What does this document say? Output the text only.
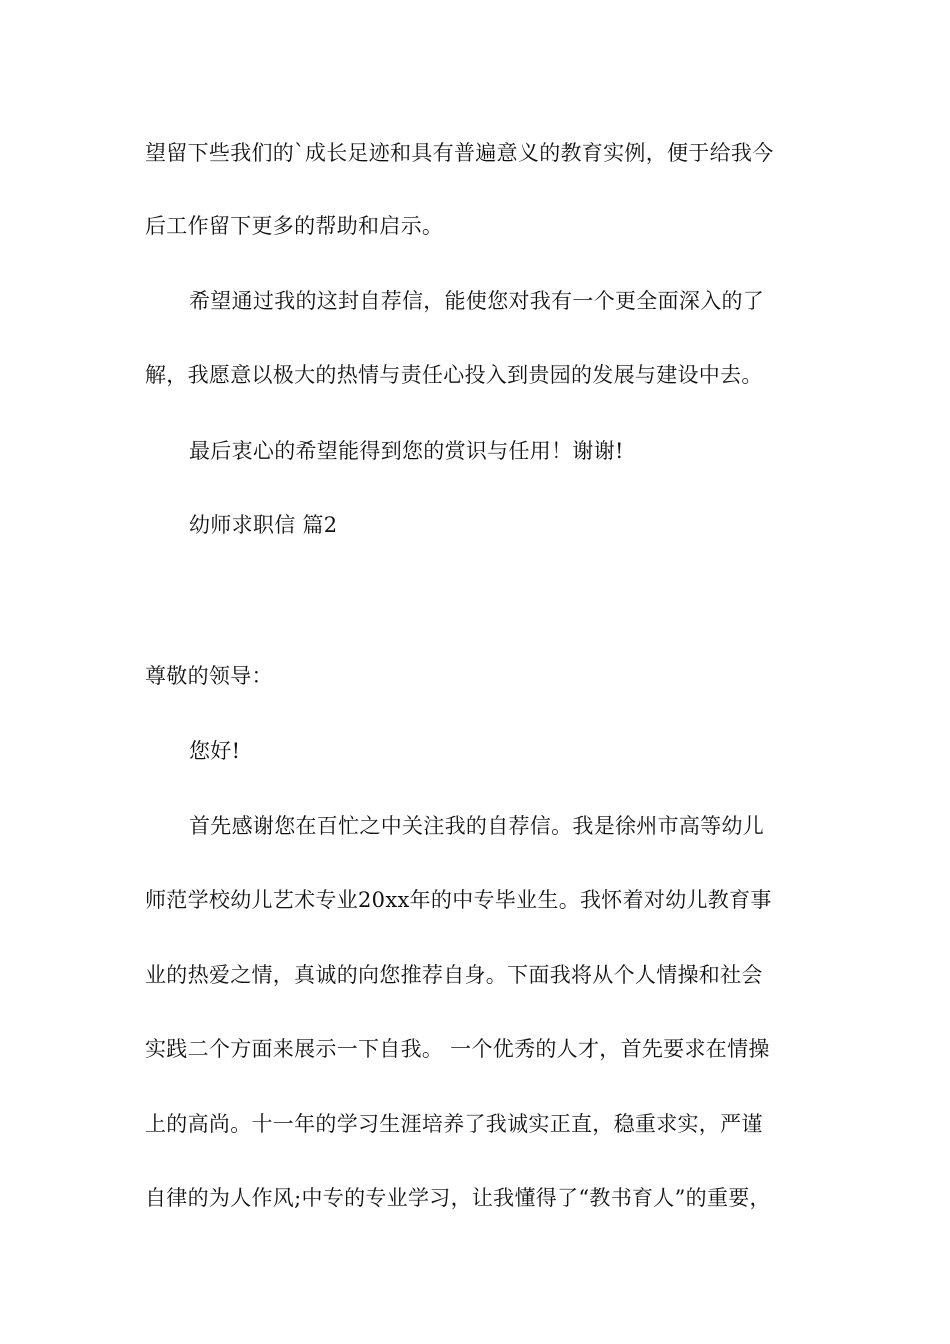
望留下些我们的`成长足迹和具有普遍意义的教育实例，便于给我今
后工作留下更多的帮助和启示。
希望通过我的这封自荐信，能使您对我有一个更全面深入的了
解，我愿意以极大的热情与责任心投入到贵园的发展与建设中去。
最后衷心的希望能得到您的赏识与任用！谢谢!
幼师求职信 篇2
尊敬的领导：
您好!
首先感谢您在百忙之中关注我的自荐信。我是徐州市高等幼儿
师范学校幼儿艺术专业20xx年的中专毕业生。我怀着对幼儿教育事
业的热爱之情，真诚的向您推荐自身。下面我将从个人情操和社会
实践二个方面来展示一下自我。 一个优秀的人才，首先要求在情操
上的高尚。十一年的学习生涯培养了我诚实正直，稳重求实，严谨
自律的为人作风;中专的专业学习，让我懂得了“教书育人”的重要，
